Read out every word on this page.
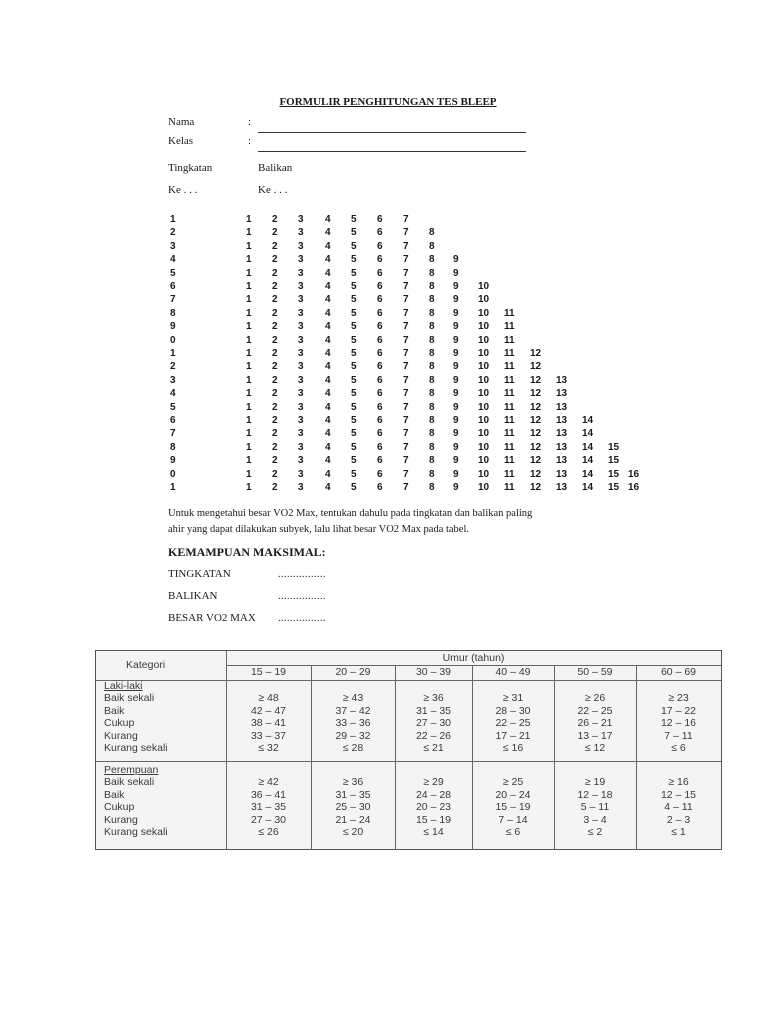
FORMULIR PENGHITUNGAN TES BLEEP
Nama	:
Kelas	:
Tingkatan	Balikan
Ke . . .	Ke . . .
1	1 2 3 4 5 6 7
2	1 2 3 4 5 6 7 8
3	1 2 3 4 5 6 7 8
4	1 2 3 4 5 6 7 8 9
5	1 2 3 4 5 6 7 8 9
6	1 2 3 4 5 6 7 8 9 10
7	1 2 3 4 5 6 7 8 9 10
8	1 2 3 4 5 6 7 8 9 10 11
9	1 2 3 4 5 6 7 8 9 10 11
0	1 2 3 4 5 6 7 8 9 10 11
1	1 2 3 4 5 6 7 8 9 10 11 12
2	1 2 3 4 5 6 7 8 9 10 11 12
3	1 2 3 4 5 6 7 8 9 10 11 12 13
4	1 2 3 4 5 6 7 8 9 10 11 12 13
5	1 2 3 4 5 6 7 8 9 10 11 12 13
6	1 2 3 4 5 6 7 8 9 10 11 12 13 14
7	1 2 3 4 5 6 7 8 9 10 11 12 13 14
8	1 2 3 4 5 6 7 8 9 10 11 12 13 14 15
9	1 2 3 4 5 6 7 8 9 10 11 12 13 14 15
0	1 2 3 4 5 6 7 8 9 10 11 12 13 14 15 16
1	1 2 3 4 5 6 7 8 9 10 11 12 13 14 15 16
Untuk mengetahui besar VO2 Max, tentukan dahulu pada tingkatan dan balikan paling
ahir yang dapat dilakukan subyek, lalu lihat besar VO2 Max pada tabel.
KEMAMPUAN MAKSIMAL:
TINGKATAN	................
BALIKAN	................
BESAR VO2 MAX ................
Kategori
Umur (tahun)
15 – 19	20 – 29	30 – 39	40 – 49	50 – 59	60 – 69
Laki-laki
Baik sekali	≥ 48	≥ 43	≥ 36	≥ 31	≥ 26	≥ 23
Baik	42 – 47	37 – 42	31 – 35	28 – 30	22 – 25	17 – 22
Cukup	38 – 41	33 – 36	27 – 30	22 – 25	26 – 21	12 – 16
Kurang	33 – 37	29 – 32	22 – 26	17 – 21	13 – 17	7 – 11
Kurang sekali	≤ 32	≤ 28	≤ 21	≤ 16	≤ 12	≤ 6
Perempuan
Baik sekali	≥ 42	≥ 36	≥ 29	≥ 25	≥ 19	≥ 16
Baik	36 – 41	31 – 35	24 – 28	20 – 24	12 – 18	12 – 15
Cukup	31 – 35	25 – 30	20 – 23	15 – 19	5 – 11	4 – 11
Kurang	27 – 30	21 – 24	15 – 19	7 – 14	3 – 4	2 – 3
Kurang sekali	≤ 26	≤ 20	≤ 14	≤ 6	≤ 2	≤ 1
